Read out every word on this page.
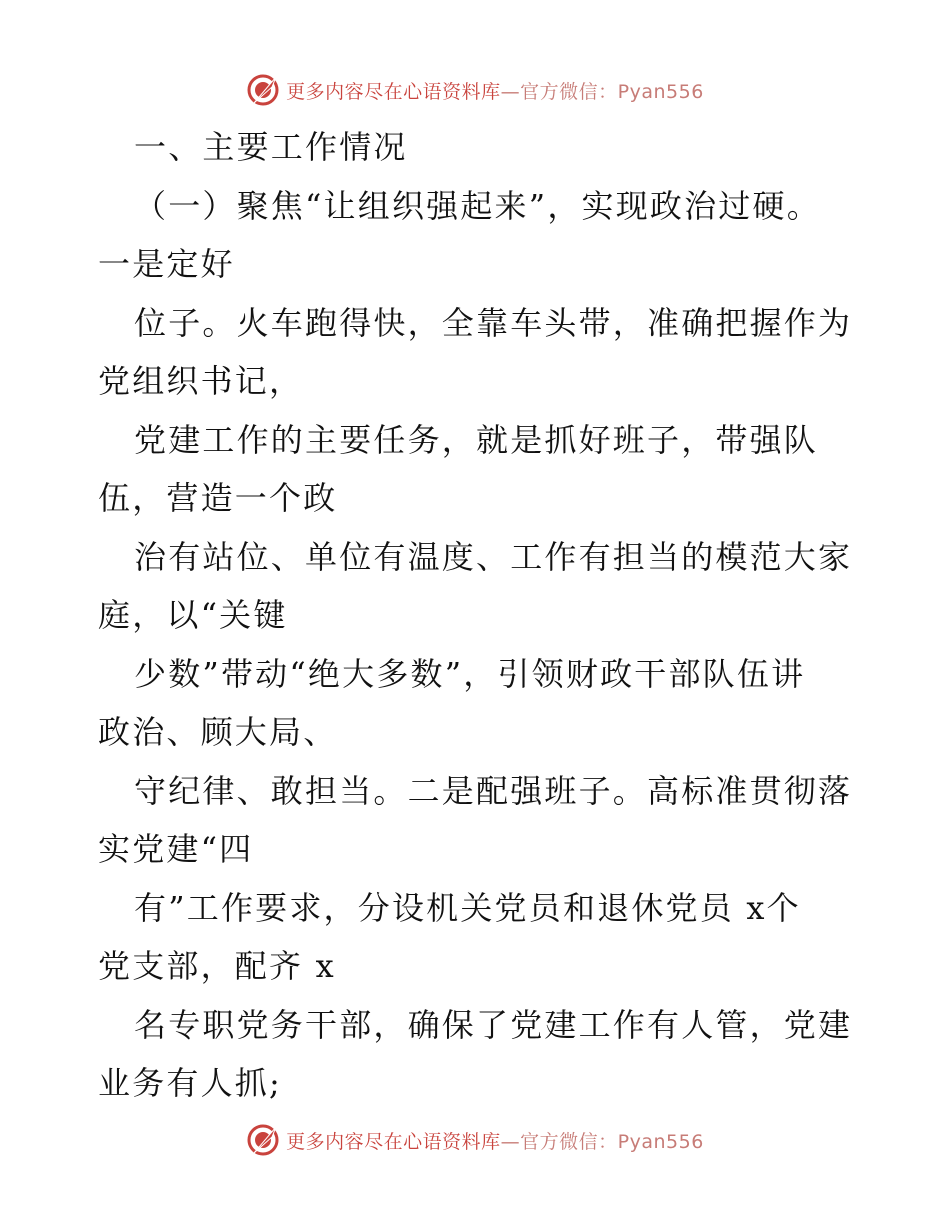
更多内容尽在心语资料库—官方微信：Pyan556
一、主要工作情况
（一）聚焦“让组织强起来”，实现政治过硬。
一是定好
位子。火车跑得快，全靠车头带，准确把握作为
党组织书记，
党建工作的主要任务，就是抓好班子，带强队
伍，营造一个政
治有站位、单位有温度、工作有担当的模范大家
庭，以“关键
少数”带动“绝大多数”，引领财政干部队伍讲
政治、顾大局、
守纪律、敢担当。二是配强班子。高标准贯彻落
实党建“四
有”工作要求，分设机关党员和退休党员 x个
党支部，配齐 x
名专职党务干部，确保了党建工作有人管，党建
业务有人抓;
更多内容尽在心语资料库—官方微信：Pyan556
